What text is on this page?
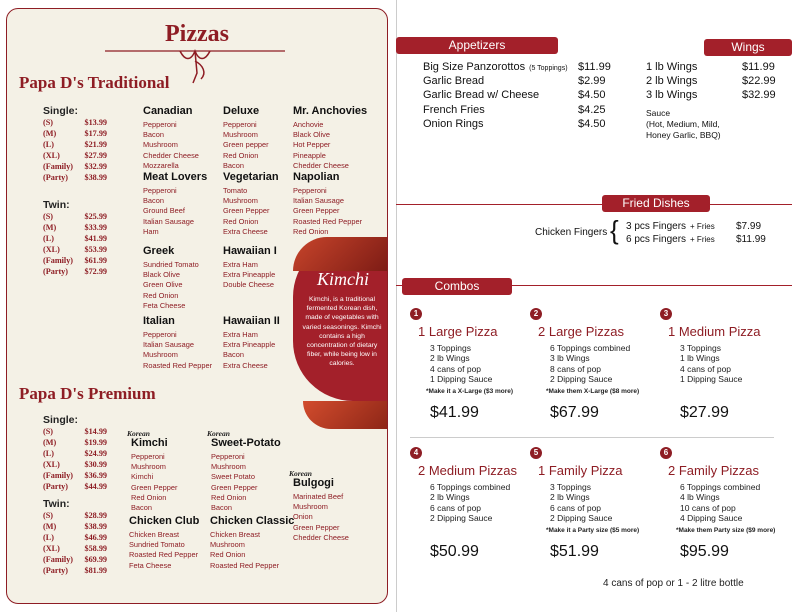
Pizzas
Papa D's Traditional
Single:
(S)	$13.99
(M)	$17.99
(L)	$21.99
(XL)	$27.99
(Family) $32.99
(Party) $38.99
Twin:
(S)	$25.99
(M)	$33.99
(L)	$41.99
(XL)	$53.99
(Family) $61.99
(Party) $72.99
Canadian
Pepperoni
Bacon
Mushroom
Chedder Cheese
Mozzarella
Deluxe
Pepperoni
Mushroom
Green pepper
Red Onion
Bacon
Mr. Anchovies
Anchovie
Black Olive
Hot Pepper
Pineapple
Chedder Cheese
Meat Lovers
Pepperoni
Bacon
Ground Beef
Italian Sausage
Ham
Vegetarian
Tomato
Mushroom
Green Pepper
Red Onion
Extra Cheese
Napolian
Pepperoni
Italian Sausage
Green Pepper
Roasted Red Pepper
Red Onion
Greek
Sundried Tomato
Black Olive
Green Olive
Red Onion
Feta Cheese
Hawaiian I
Extra Ham
Extra Pineapple
Double Cheese
Italian
Pepperoni
Italian Sausage
Mushroom
Roasted Red Pepper
Hawaiian II
Extra Ham
Extra Pineapple
Bacon
Extra Cheese
Kimchi
Kimchi, is a traditional fermented Korean dish, made of vegetables with varied seasonings. Kimchi contains a high concentration of dietary fiber, while being low in calories.
Papa D's Premium
Single:
(S)	$14.99
(M)	$19.99
(L)	$24.99
(XL)	$30.99
(Family) $36.99
(Party) $44.99
Twin:
(S)	$28.99
(M)	$38.99
(L)	$46.99
(XL)	$58.99
(Family) $69.99
(Party) $81.99
Korean
Kimchi
Pepperoni
Mushroom
Kimchi
Green Pepper
Red Onion
Bacon
Korean
Sweet-Potato
Pepperoni
Mushroom
Sweet Potato
Green Pepper
Red Onion
Bacon
Korean
Bulgogi
Marinated Beef
Mushroom
Onion
Green Pepper
Chedder Cheese
Chicken Club
Chicken Breast
Sundried Tomato
Roasted Red Pepper
Feta Cheese
Chicken Classic
Chicken Breast
Mushroom
Red Onion
Roasted Red Pepper
Appetizers
Big Size Panzorottos (5 Toppings) $11.99
Garlic Bread	$2.99
Garlic Bread w/ Cheese	$4.50
French Fries	$4.25
Onion Rings	$4.50
Wings
1 lb Wings	$11.99
2 lb Wings	$22.99
3 lb Wings	$32.99
Sauce
(Hot, Medium, Mild, Honey Garlic, BBQ)
Fried Dishes
Chicken Fingers { 3 pcs Fingers + Fries $7.99
6 pcs Fingers + Fries $11.99
Combos
1
1 Large Pizza
3 Toppings
2 lb Wings
4 cans of pop
1 Dipping Sauce
*Make it a X-Large ($3 more)
$41.99
2
2 Large Pizzas
6 Toppings combined
3 lb Wings
8 cans of pop
2 Dipping Sauce
*Make them X-Large ($8 more)
$67.99
3
1 Medium Pizza
3 Toppings
1 lb Wings
4 cans of pop
1 Dipping Sauce
$27.99
4
2 Medium Pizzas
6 Toppings combined
2 lb Wings
6 cans of pop
2 Dipping Sauce
$50.99
5
1 Family Pizza
3 Toppings
2 lb Wings
6 cans of pop
2 Dipping Sauce
*Make it a Party size ($5 more)
$51.99
6
2 Family Pizzas
6 Toppings combined
4 lb Wings
10 cans of pop
4 Dipping Sauce
*Make them Party size ($9 more)
$95.99
4 cans of pop or 1 - 2 litre bottle
